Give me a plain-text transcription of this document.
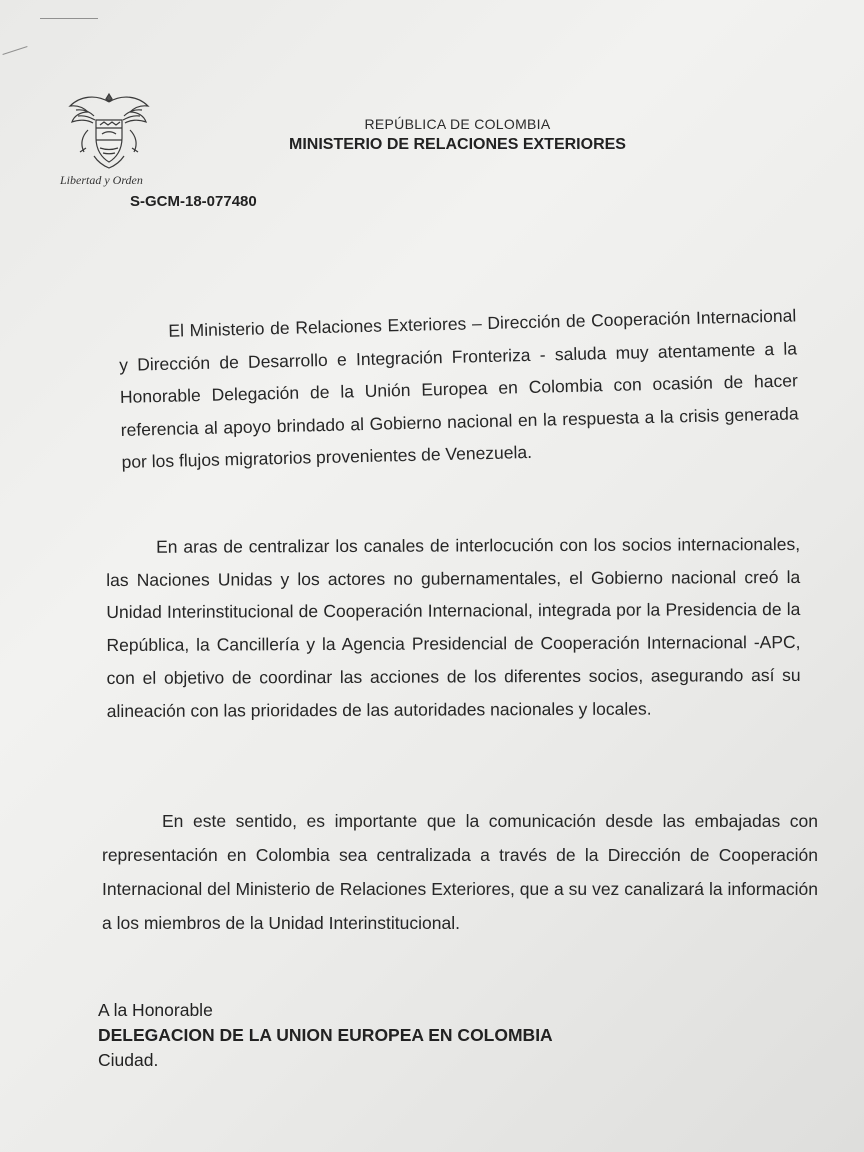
Libertad y Orden
REPÚBLICA DE COLOMBIA
MINISTERIO DE RELACIONES EXTERIORES
S-GCM-18-077480

El Ministerio de Relaciones Exteriores – Dirección de Cooperación Internacional y Dirección de Desarrollo e Integración Fronteriza - saluda muy atentamente a la Honorable Delegación de la Unión Europea en Colombia con ocasión de hacer referencia al apoyo brindado al Gobierno nacional en la respuesta a la crisis generada por los flujos migratorios provenientes de Venezuela.

En aras de centralizar los canales de interlocución con los socios internacionales, las Naciones Unidas y los actores no gubernamentales, el Gobierno nacional creó la Unidad Interinstitucional de Cooperación Internacional, integrada por la Presidencia de la República, la Cancillería y la Agencia Presidencial de Cooperación Internacional -APC, con el objetivo de coordinar las acciones de los diferentes socios, asegurando así su alineación con las prioridades de las autoridades nacionales y locales.

En este sentido, es importante que la comunicación desde las embajadas con representación en Colombia sea centralizada a través de la Dirección de Cooperación Internacional del Ministerio de Relaciones Exteriores, que a su vez canalizará la información a los miembros de la Unidad Interinstitucional.

A la Honorable
DELEGACION DE LA UNION EUROPEA EN COLOMBIA
Ciudad.
